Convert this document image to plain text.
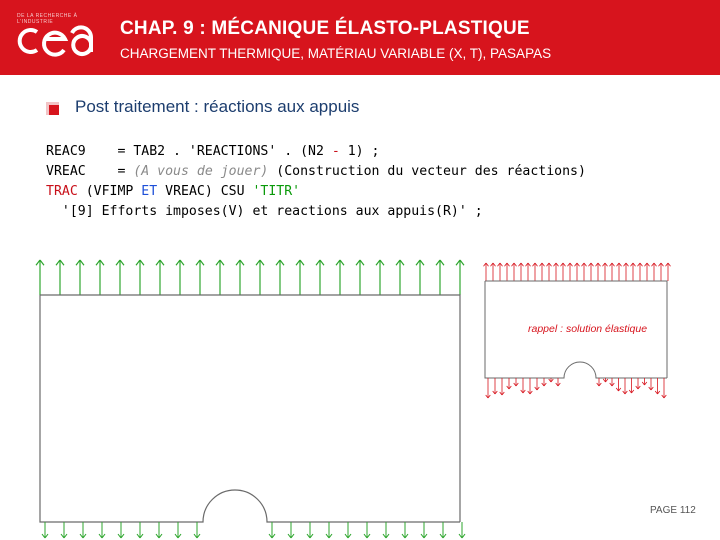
DE LA RECHERCHE À L'INDUSTRIE	CHAP. 9 : MÉCANIQUE ÉLASTO-PLASTIQUE
CHARGEMENT THERMIQUE, MATÉRIAU VARIABLE (X, T), PASAPAS
Post traitement : réactions aux appuis
REAC9 = TAB2 . 'REACTIONS' . (N2 - 1) ;
VREAC = (A vous de jouer) (Construction du vecteur des réactions)
TRAC (VFIMP ET VREAC) CSU 'TITR'
'[9] Efforts imposes(V) et reactions aux appuis(R)' ;
rappel : solution élastique
PAGE 112
